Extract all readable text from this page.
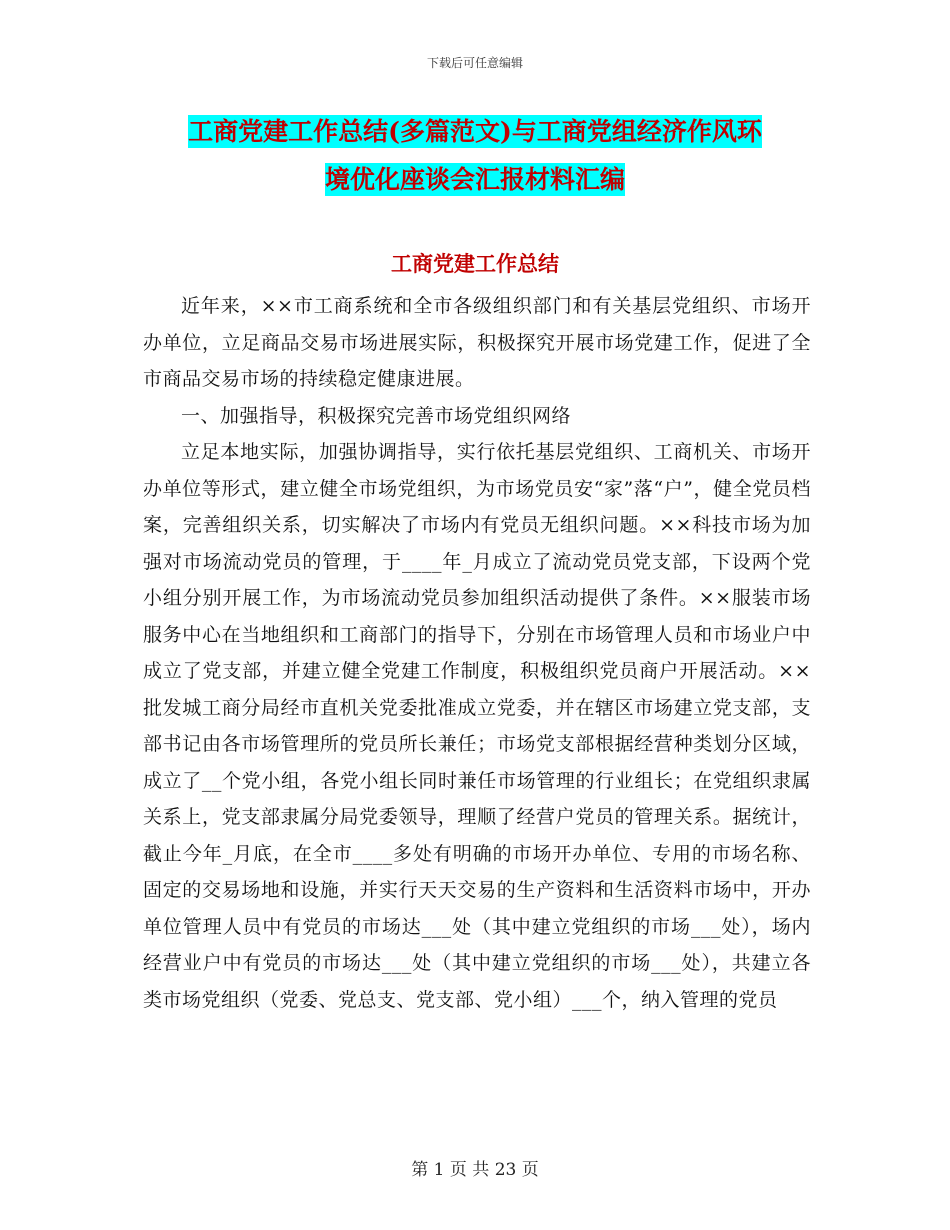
下载后可任意编辑
工商党建工作总结(多篇范文)与工商党组经济作风环
境优化座谈会汇报材料汇编
工商党建工作总结

近年来，××市工商系统和全市各级组织部门和有关基层党组织、市场开办单位，立足商品交易市场进展实际，积极探究开展市场党建工作，促进了全市商品交易市场的持续稳定健康进展。

一、加强指导，积极探究完善市场党组织网络

立足本地实际，加强协调指导，实行依托基层党组织、工商机关、市场开办单位等形式，建立健全市场党组织，为市场党员安“家”落“户”，健全党员档案，完善组织关系，切实解决了市场内有党员无组织问题。××科技市场为加强对市场流动党员的管理，于____年_月成立了流动党员党支部，下设两个党小组分别开展工作，为市场流动党员参加组织活动提供了条件。××服装市场服务中心在当地组织和工商部门的指导下，分别在市场管理人员和市场业户中成立了党支部，并建立健全党建工作制度，积极组织党员商户开展活动。××批发城工商分局经市直机关党委批准成立党委，并在辖区市场建立党支部，支部书记由各市场管理所的党员所长兼任；市场党支部根据经营种类划分区域，成立了__个党小组，各党小组长同时兼任市场管理的行业组长；在党组织隶属关系上，党支部隶属分局党委领导，理顺了经营户党员的管理关系。据统计，截止今年_月底，在全市____多处有明确的市场开办单位、专用的市场名称、固定的交易场地和设施，并实行天天交易的生产资料和生活资料市场中，开办单位管理人员中有党员的市场达___处（其中建立党组织的市场___处），场内经营业户中有党员的市场达___处（其中建立党组织的市场___处），共建立各类市场党组织（党委、党总支、党支部、党小组）___个，纳入管理的党员

第 1 页 共 23 页
